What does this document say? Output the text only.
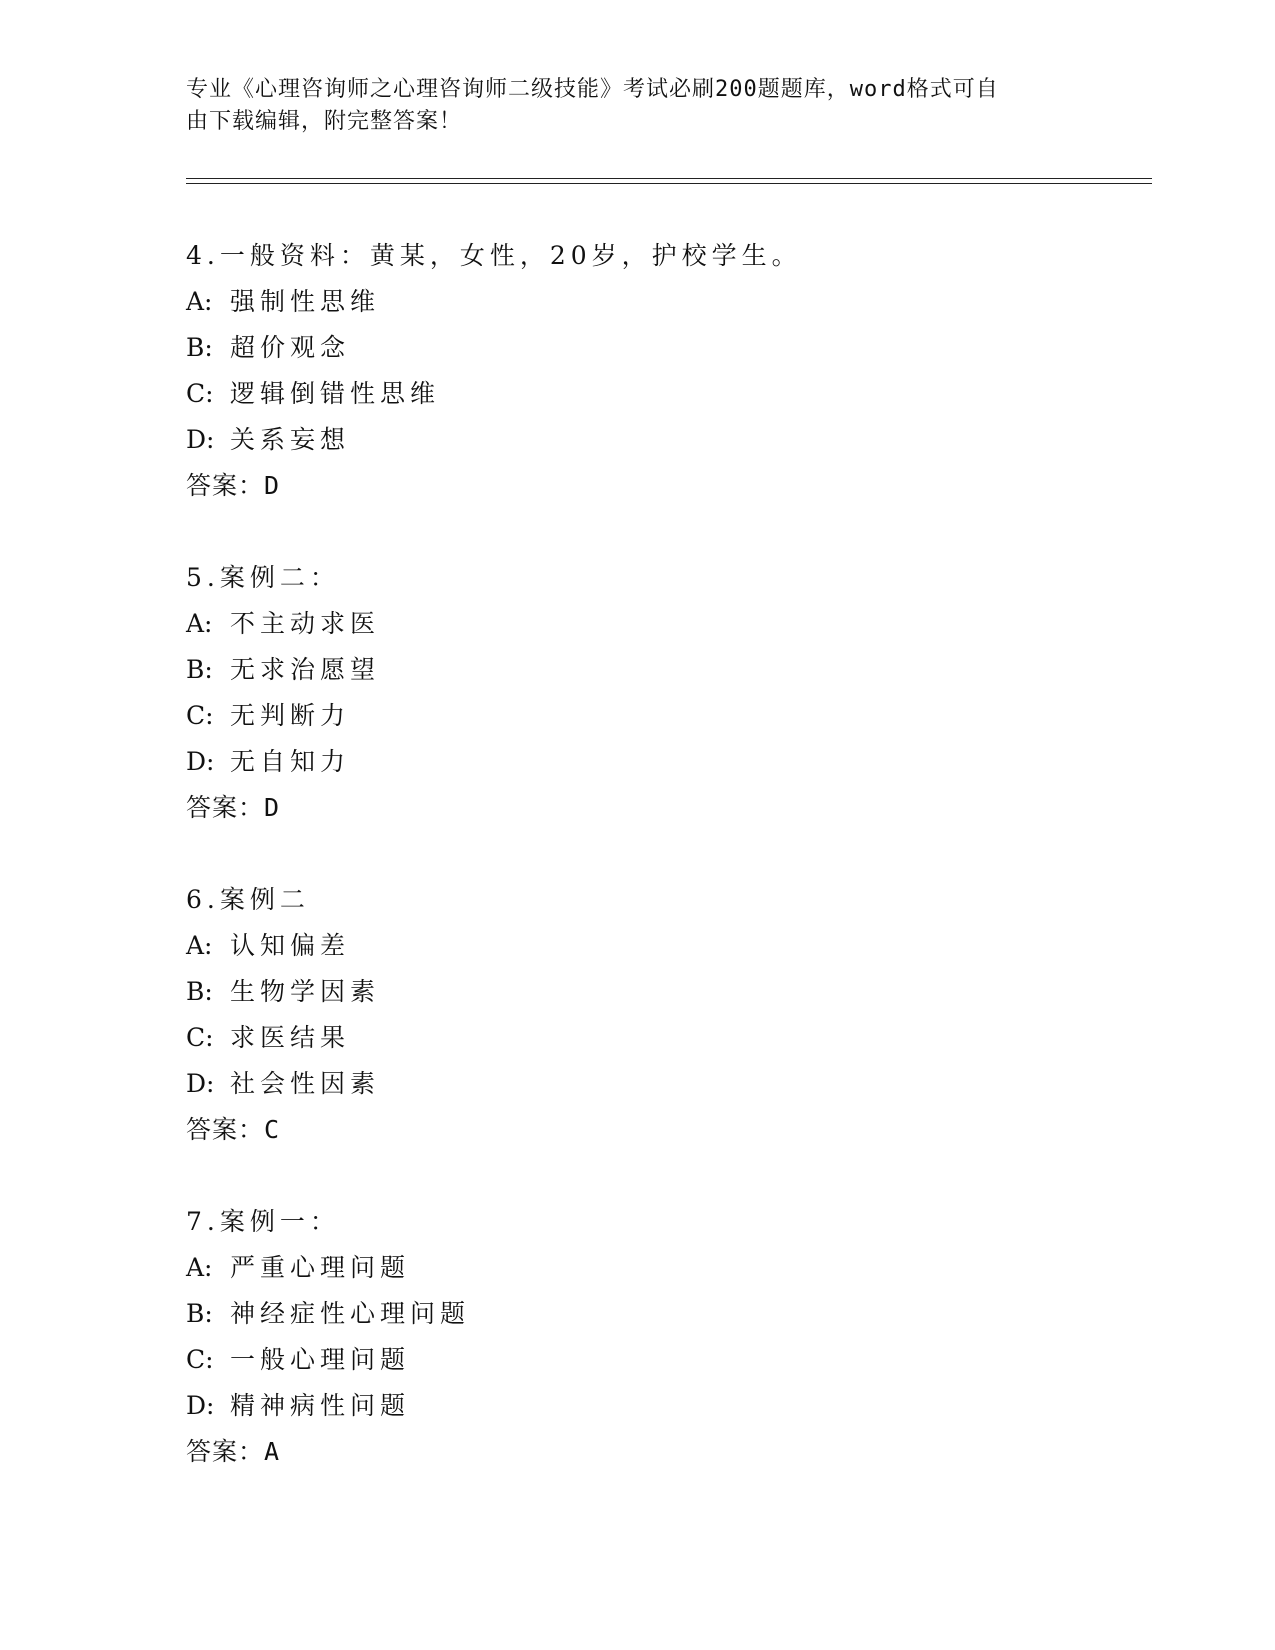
专业《心理咨询师之心理咨询师二级技能》考试必刷200题题库，word格式可自
由下载编辑，附完整答案！
4.一般资料：黄某，女性，20岁，护校学生。
A: 强制性思维
B: 超价观念
C: 逻辑倒错性思维
D: 关系妄想
答案：D
5.案例二：
A: 不主动求医
B: 无求治愿望
C: 无判断力
D: 无自知力
答案：D
6.案例二
A: 认知偏差
B: 生物学因素
C: 求医结果
D: 社会性因素
答案：C
7.案例一：
A: 严重心理问题
B: 神经症性心理问题
C: 一般心理问题
D: 精神病性问题
答案：A
